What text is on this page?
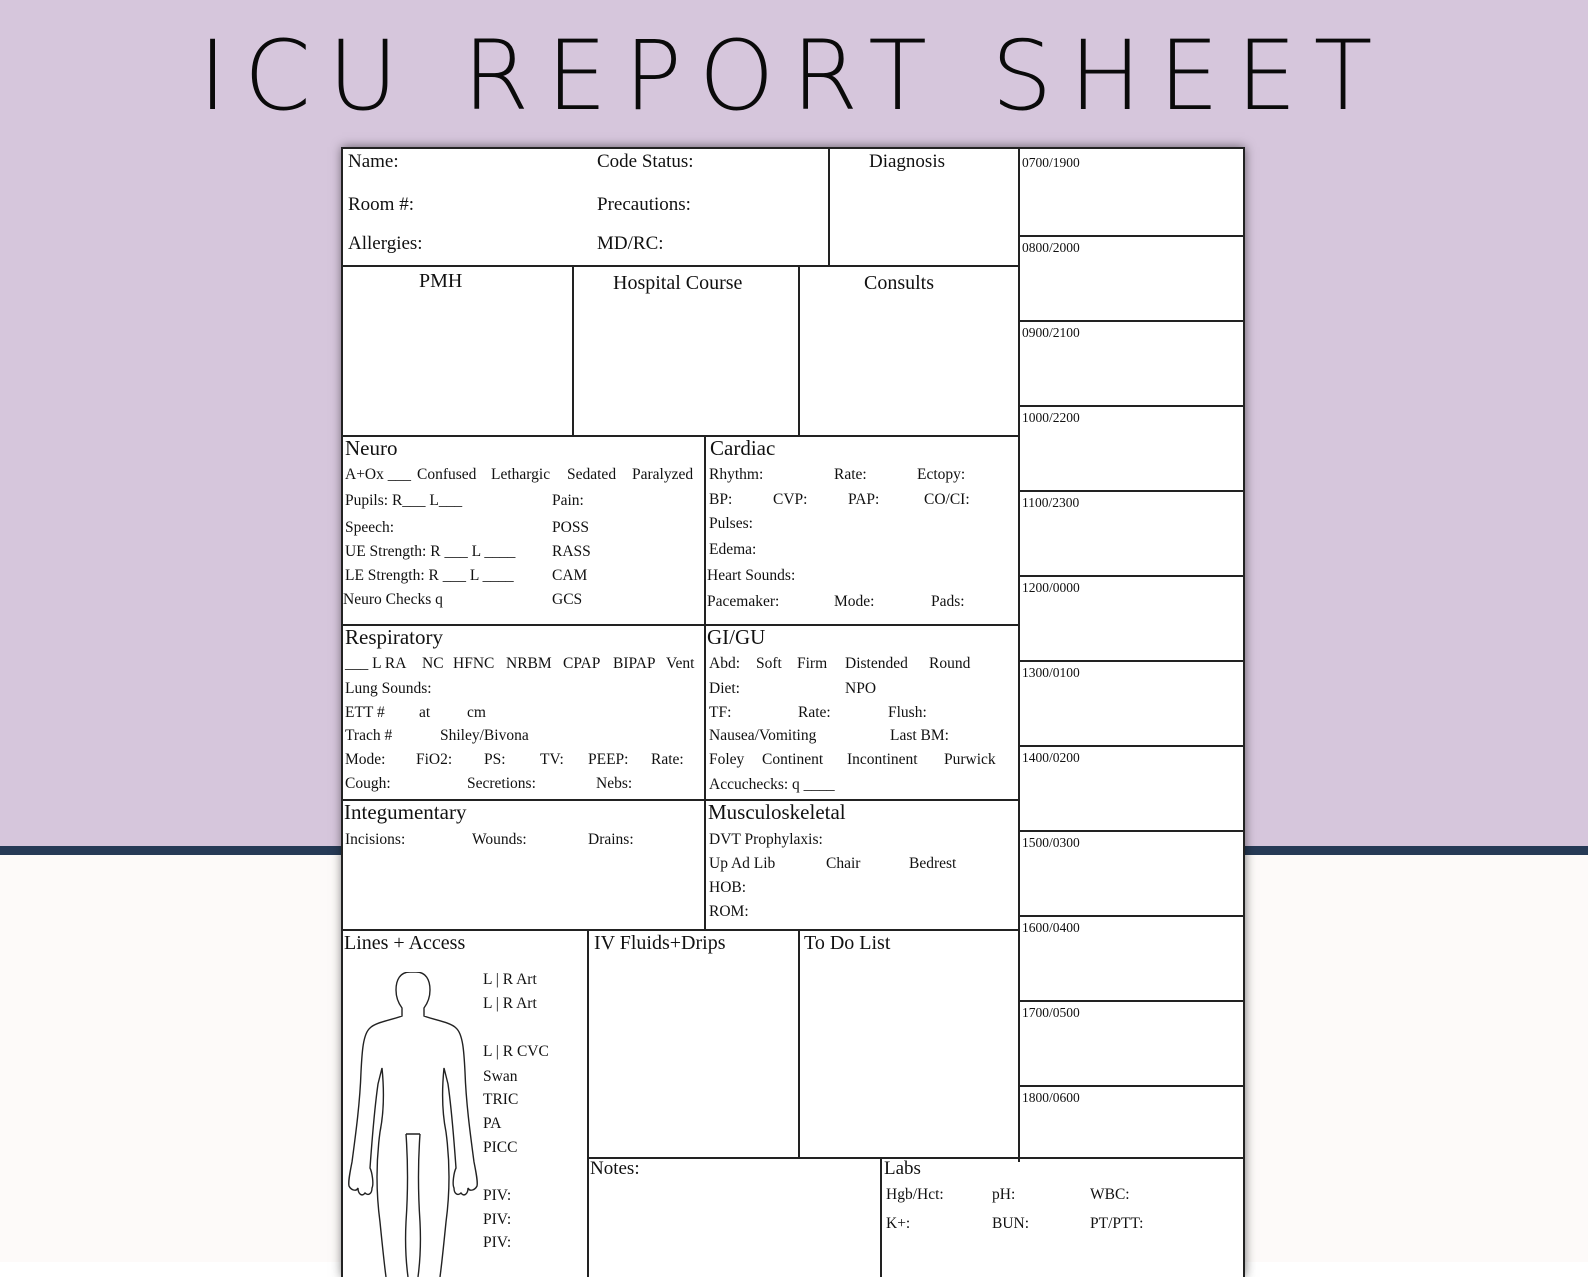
ICU REPORT SHEET
Name:	Code Status:	Diagnosis
Room #:	Precautions:
Allergies:	MD/RC:
PMH	Hospital Course	Consults
Neuro
A+Ox ___ Confused Lethargic Sedated Paralyzed
Pupils: R___ L___	Pain:
Speech:	POSS
UE Strength: R ___ L ____ RASS
LE Strength: R ___ L ____ CAM
Neuro Checks q	GCS
Cardiac
Rhythm:	Rate:	Ectopy:
BP:	CVP:	PAP:	CO/CI:
Pulses:
Edema:
Heart Sounds:
Pacemaker:	Mode:	Pads:
Respiratory
___ L RA NC HFNC NRBM CPAP BIPAP Vent
Lung Sounds:
ETT # at cm
Trach #	Shiley/Bivona
Mode: FiO2: PS: TV: PEEP: Rate:
Cough:	Secretions:	Nebs:
GI/GU
Abd: Soft Firm Distended Round
Diet:	NPO
TF:	Rate:	Flush:
Nausea/Vomiting	Last BM:
Foley Continent Incontinent Purwick
Accuchecks: q ____
Integumentary
Incisions:	Wounds:	Drains:
Musculoskeletal
DVT Prophylaxis:
Up Ad Lib	Chair	Bedrest
HOB:
ROM:
Lines + Access
L | R Art
L | R Art
L | R CVC
Swan
TRIC
PA
PICC
PIV:
PIV:
PIV:
IV Fluids+Drips	To Do List
Notes:	Labs
Hgb/Hct:	pH:	WBC:
K+:	BUN:	PT/PTT:
0700/1900
0800/2000
0900/2100
1000/2200
1100/2300
1200/0000
1300/0100
1400/0200
1500/0300
1600/0400
1700/0500
1800/0600
